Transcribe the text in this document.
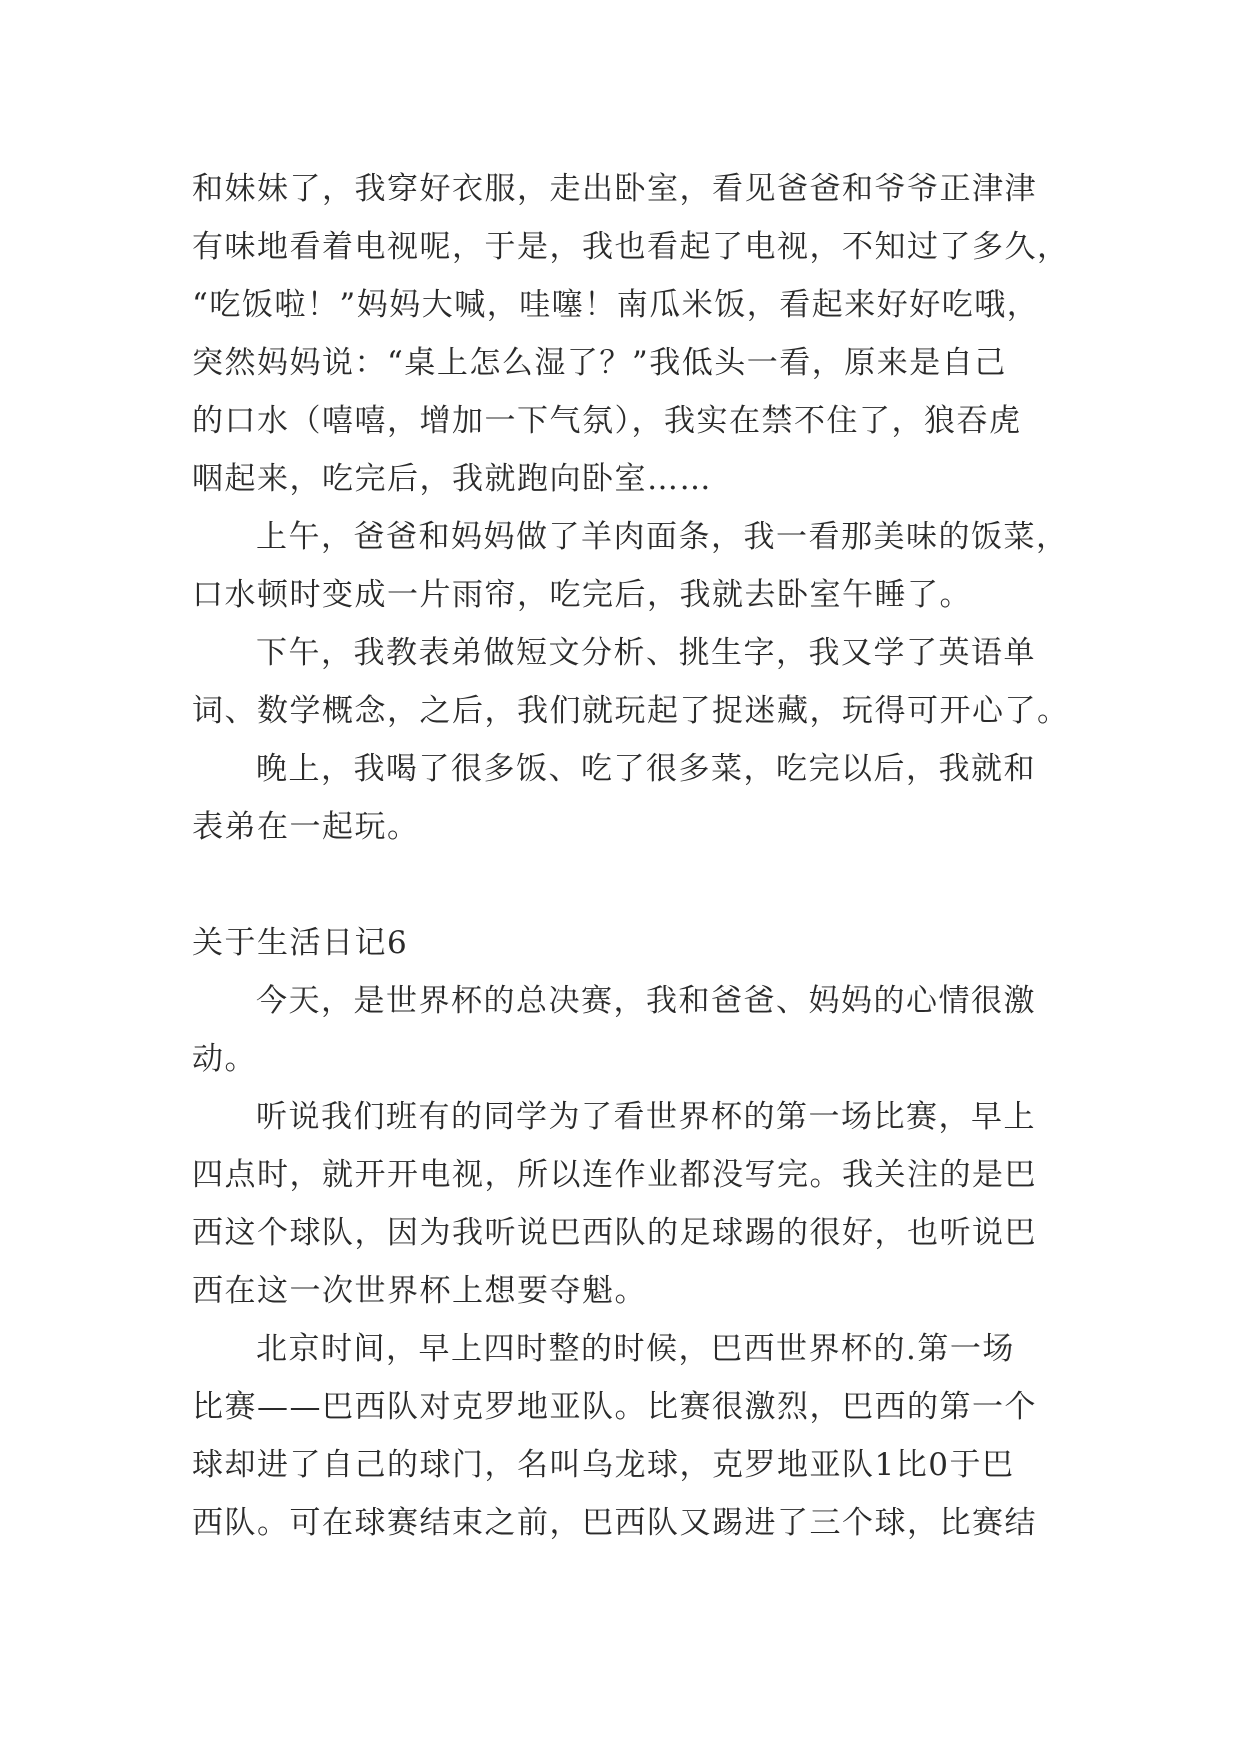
和妹妹了，我穿好衣服，走出卧室，看见爸爸和爷爷正津津

有味地看着电视呢，于是，我也看起了电视，不知过了多久，

“吃饭啦！”妈妈大喊，哇噻！南瓜米饭，看起来好好吃哦，

突然妈妈说：“桌上怎么湿了？”我低头一看，原来是自己

的口水（嘻嘻，增加一下气氛），我实在禁不住了，狼吞虎

咽起来，吃完后，我就跑向卧室……

上午，爸爸和妈妈做了羊肉面条，我一看那美味的饭菜，

口水顿时变成一片雨帘，吃完后，我就去卧室午睡了。

下午，我教表弟做短文分析、挑生字，我又学了英语单

词、数学概念，之后，我们就玩起了捉迷藏，玩得可开心了。

晚上，我喝了很多饭、吃了很多菜，吃完以后，我就和

表弟在一起玩。

关于生活日记6

今天，是世界杯的总决赛，我和爸爸、妈妈的心情很激

动。

听说我们班有的同学为了看世界杯的第一场比赛，早上

四点时，就开开电视，所以连作业都没写完。我关注的是巴

西这个球队，因为我听说巴西队的足球踢的很好，也听说巴

西在这一次世界杯上想要夺魁。

北京时间，早上四时整的时候，巴西世界杯的.第一场

比赛——巴西队对克罗地亚队。比赛很激烈，巴西的第一个

球却进了自己的球门，名叫乌龙球，克罗地亚队1比0于巴

西队。可在球赛结束之前，巴西队又踢进了三个球，比赛结
